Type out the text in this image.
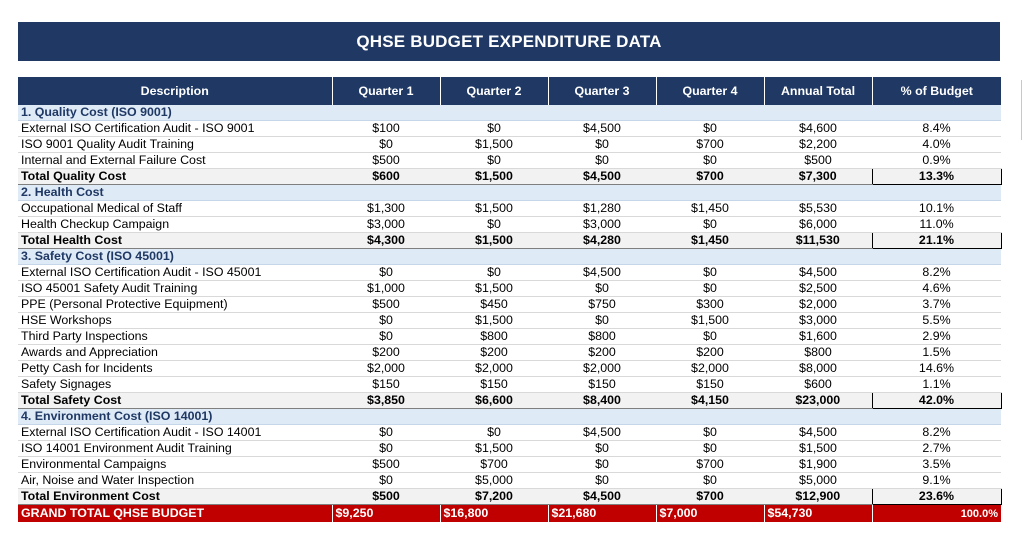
QHSE BUDGET EXPENDITURE DATA
Description	Quarter 1	Quarter 2	Quarter 3	Quarter 4	Annual Total	% of Budget
1. Quality Cost (ISO 9001)						
External ISO Certification Audit - ISO 9001	$100	$0	$4,500	$0	$4,600	8.4%
ISO 9001 Quality Audit Training	$0	$1,500	$0	$700	$2,200	4.0%
Internal and External Failure Cost	$500	$0	$0	$0	$500	0.9%
Total Quality Cost	$600	$1,500	$4,500	$700	$7,300	13.3%
2. Health Cost						
Occupational Medical of Staff	$1,300	$1,500	$1,280	$1,450	$5,530	10.1%
Health Checkup Campaign	$3,000	$0	$3,000	$0	$6,000	11.0%
Total Health Cost	$4,300	$1,500	$4,280	$1,450	$11,530	21.1%
3. Safety Cost (ISO 45001)						
External ISO Certification Audit - ISO 45001	$0	$0	$4,500	$0	$4,500	8.2%
ISO 45001 Safety Audit Training	$1,000	$1,500	$0	$0	$2,500	4.6%
PPE (Personal Protective Equipment)	$500	$450	$750	$300	$2,000	3.7%
HSE Workshops	$0	$1,500	$0	$1,500	$3,000	5.5%
Third Party Inspections	$0	$800	$800	$0	$1,600	2.9%
Awards and Appreciation	$200	$200	$200	$200	$800	1.5%
Petty Cash for Incidents	$2,000	$2,000	$2,000	$2,000	$8,000	14.6%
Safety Signages	$150	$150	$150	$150	$600	1.1%
Total Safety Cost	$3,850	$6,600	$8,400	$4,150	$23,000	42.0%
4. Environment Cost (ISO 14001)						
External ISO Certification Audit - ISO 14001	$0	$0	$4,500	$0	$4,500	8.2%
ISO 14001 Environment Audit Training	$0	$1,500	$0	$0	$1,500	2.7%
Environmental Campaigns	$500	$700	$0	$700	$1,900	3.5%
Air, Noise and Water Inspection	$0	$5,000	$0	$0	$5,000	9.1%
Total Environment Cost	$500	$7,200	$4,500	$700	$12,900	23.6%
GRAND TOTAL QHSE BUDGET	$9,250	$16,800	$21,680	$7,000	$54,730	100.0%
